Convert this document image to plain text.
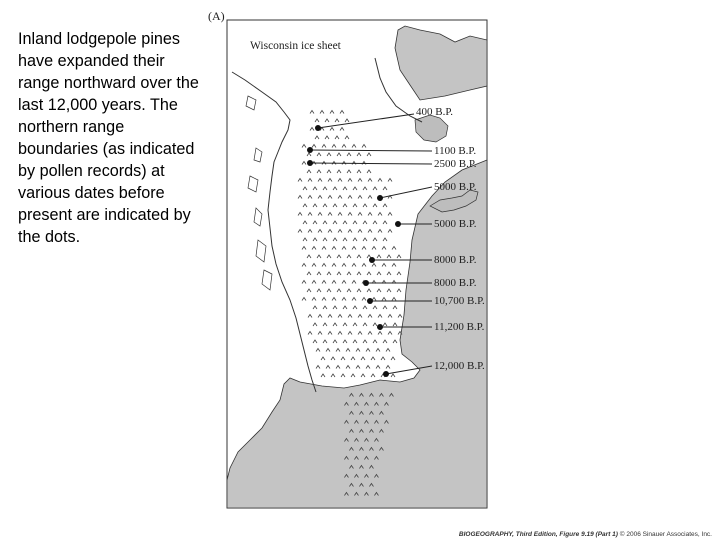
Inland lodgepole pines have expanded their range northward over the last 12,000 years. The northern range boundaries (as indicated by pollen records) at various dates before present are indicated by the dots.

(A)
Wisconsin ice sheet
400 B.P.
1100 B.P.
2500 B.P.
5000 B.P.
5000 B.P.
8000 B.P.
8000 B.P.
10,700 B.P.
11,200 B.P.
12,000 B.P.
BIOGEOGRAPHY, Third Edition, Figure 9.19 (Part 1) © 2006 Sinauer Associates, Inc.
